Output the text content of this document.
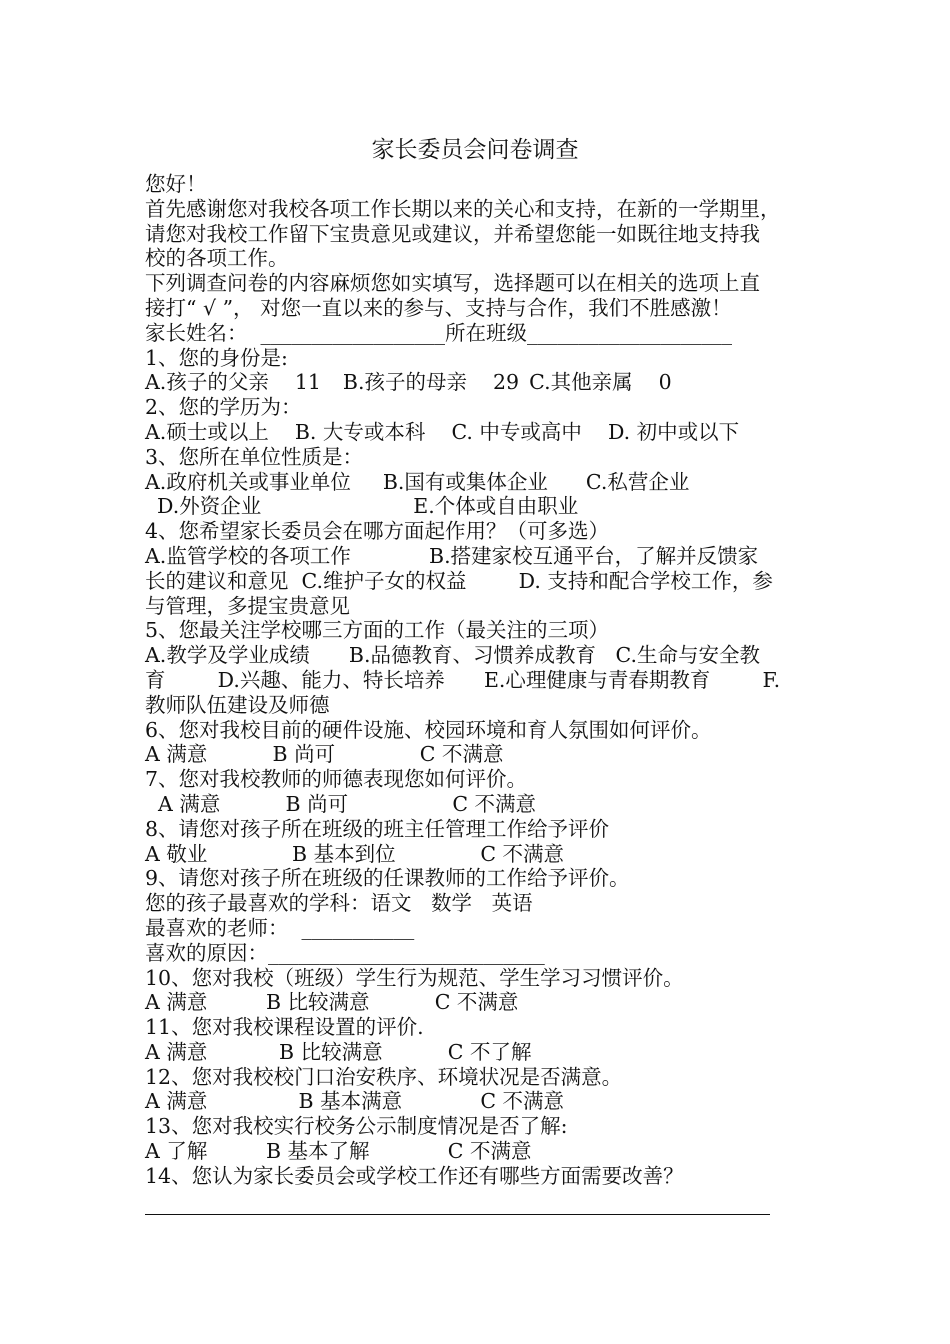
家长委员会问卷调查
您好！
首先感谢您对我校各项工作长期以来的关心和支持，在新的一学期里，
请您对我校工作留下宝贵意见或建议，并希望您能一如既往地支持我
校的各项工作。
下列调查问卷的内容麻烦您如实填写，选择题可以在相关的选项上直
接打“ √ ”， 对您一直以来的参与、支持与合作，我们不胜感激！
家长姓名：  __________________所在班级____________________
1、您的身份是:
A.孩子的父亲 11 B.孩子的母亲 29 C.其他亲属 0
2、您的学历为：
A.硕士或以上 B. 大专或本科 C. 中专或高中 D. 初中或以下
3、您所在单位性质是：
A.政府机关或事业单位 B.国有或集体企业 C.私营企业
D.外资企业	E.个体或自由职业
4、您希望家长委员会在哪方面起作用？（可多选）
A.监管学校的各项工作            B.搭建家校互通平台，了解并反馈家
长的建议和意见  C.维护子女的权益        D. 支持和配合学校工作，参
与管理，多提宝贵意见
5、您最关注学校哪三方面的工作（最关注的三项）
A.教学及学业成绩      B.品德教育、习惯养成教育   C.生命与安全教
育        D.兴趣、能力、特长培养      E.心理健康与青春期教育        F.
教师队伍建设及师德
6、您对我校目前的硬件设施、校园环境和育人氛围如何评价。
A 满意          B 尚可             C 不满意
7、您对我校教师的师德表现您如何评价。
A 满意          B 尚可                C 不满意
8、请您对孩子所在班级的班主任管理工作给予评价
A 敬业             B 基本到位             C 不满意
9、请您对孩子所在班级的任课教师的工作给予评价。
您的孩子最喜欢的学科：语文   数学   英语
最喜欢的老师：  ___________
喜欢的原因：___________________________
10、您对我校（班级）学生行为规范、学生学习习惯评价。
A 满意         B 比较满意          C 不满意
11、您对我校课程设置的评价.
A 满意           B 比较满意          C 不了解
12、您对我校校门口治安秩序、环境状况是否满意。
A 满意              B 基本满意            C 不满意
13、您对我校实行校务公示制度情况是否了解:
A 了解         B 基本了解            C 不满意
14、您认为家长委员会或学校工作还有哪些方面需要改善？
